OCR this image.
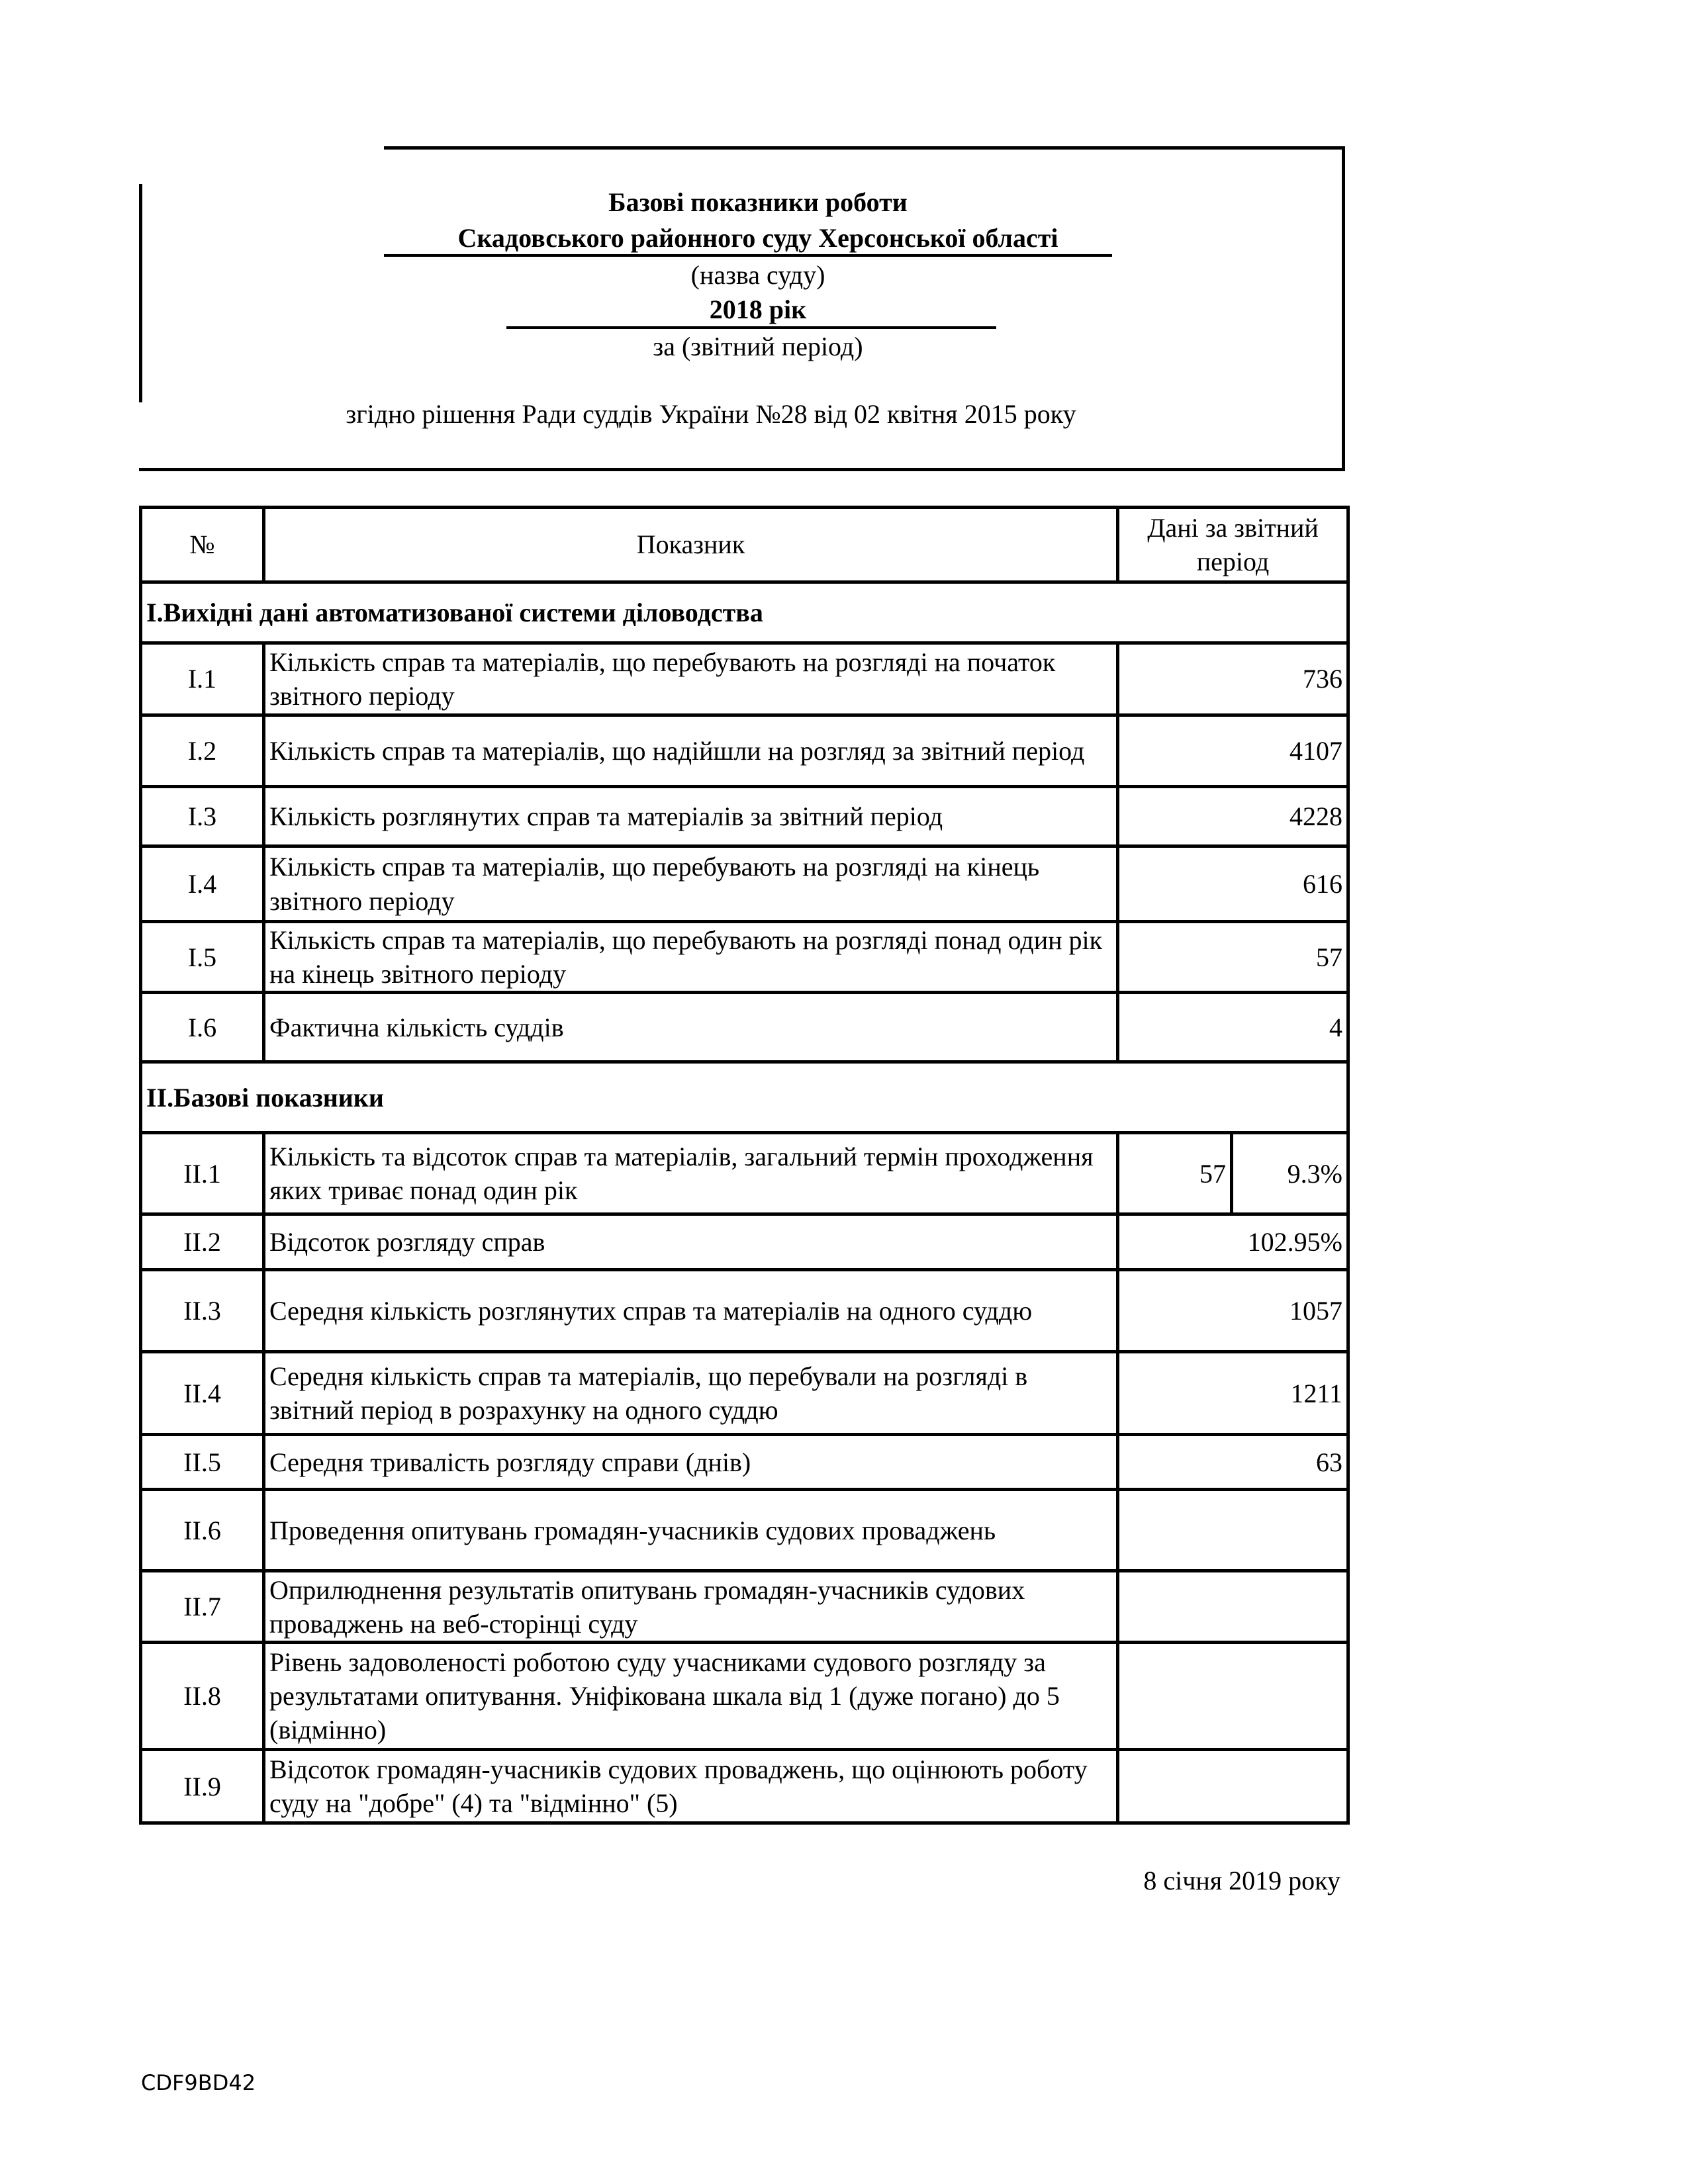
Базові показники роботи
Скадовського районного суду Херсонської області
(назва суду)
2018 рік
за (звітний період)
згідно рішення Ради суддів України №28 від 02 квітня 2015 року
№	Показник	Дані за звітний період	
I.Вихідні дані автоматизованої системи діловодства			
I.1	Кількість справ та матеріалів, що перебувають на розгляді на початок звітного періоду	736	
I.2	Кількість справ та матеріалів, що надійшли на розгляд за звітний період	4107	
I.3	Кількість розглянутих справ та матеріалів за звітний період	4228	
I.4	Кількість справ та матеріалів, що перебувають на розгляді на кінець звітного періоду	616	
I.5	Кількість справ та матеріалів, що перебувають на розгляді понад один рік на кінець звітного періоду	57	
I.6	Фактична кількість суддів	4	
II.Базові показники			
II.1	Кількість та відсоток справ та матеріалів, загальний термін проходження яких триває понад один рік	57	9.3%
II.2	Відсоток розгляду справ	102.95%	
II.3	Середня кількість розглянутих справ та матеріалів на одного суддю	1057	
II.4	Середня кількість справ та матеріалів, що перебували на розгляді в звітний період в розрахунку на одного суддю	1211	
II.5	Середня тривалість розгляду справи (днів)	63	
II.6	Проведення опитувань громадян-учасників судових проваджень		
II.7	Оприлюднення результатів опитувань громадян-учасників судових проваджень на веб-сторінці суду		
II.8	Рівень задоволеності роботою суду учасниками судового розгляду за результатами опитування. Уніфікована шкала від 1 (дуже погано) до 5 (відмінно)		
II.9	Відсоток громадян-учасників судових проваджень, що оцінюють роботу суду на "добре" (4) та "відмінно" (5)		
8 січня 2019 року
CDF9BD42
